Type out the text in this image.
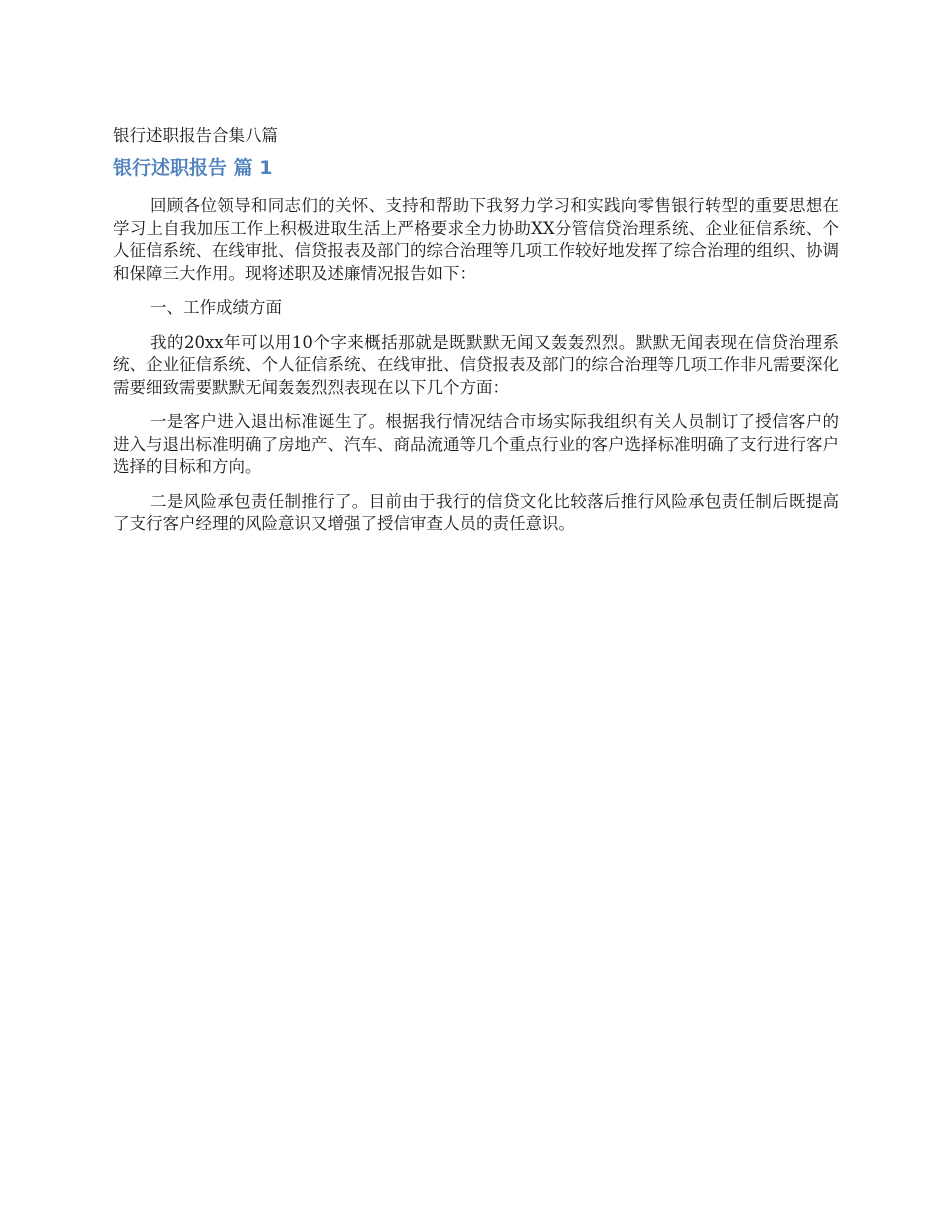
银行述职报告合集八篇
银行述职报告 篇 1

回顾各位领导和同志们的关怀、支持和帮助下我努力学习和实践向零售银行转型的重要思想在学习上自我加压工作上积极进取生活上严格要求全力协助XX分管信贷治理系统、企业征信系统、个人征信系统、在线审批、信贷报表及部门的综合治理等几项工作较好地发挥了综合治理的组织、协调和保障三大作用。现将述职及述廉情况报告如下：

一、工作成绩方面

我的20xx年可以用10个字来概括那就是既默默无闻又轰轰烈烈。默默无闻表现在信贷治理系统、企业征信系统、个人征信系统、在线审批、信贷报表及部门的综合治理等几项工作非凡需要深化需要细致需要默默无闻轰轰烈烈表现在以下几个方面：

一是客户进入退出标准诞生了。根据我行情况结合市场实际我组织有关人员制订了授信客户的进入与退出标准明确了房地产、汽车、商品流通等几个重点行业的客户选择标准明确了支行进行客户选择的目标和方向。

二是风险承包责任制推行了。目前由于我行的信贷文化比较落后推行风险承包责任制后既提高了支行客户经理的风险意识又增强了授信审查人员的责任意识。
